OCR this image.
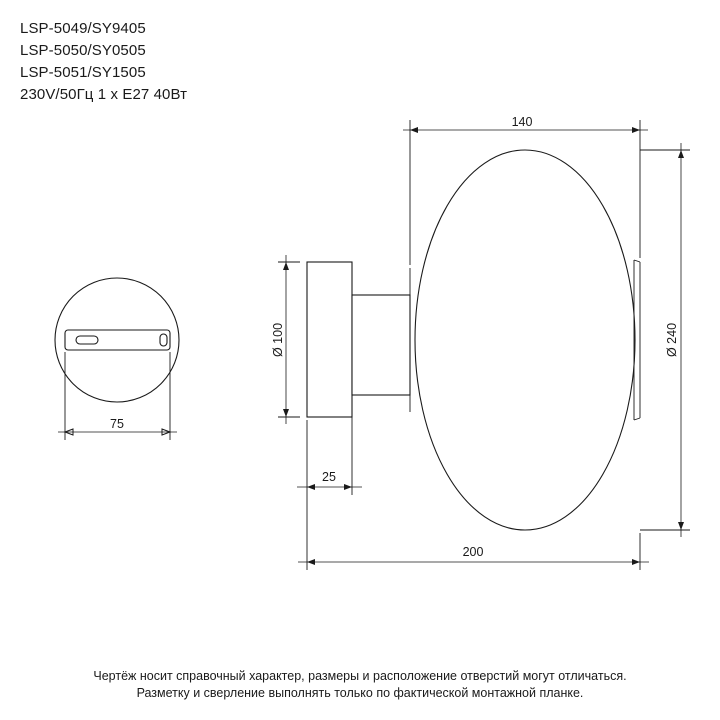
LSP-5049/SY9405
LSP-5050/SY0505
LSP-5051/SY1505
230V/50Гц 1 x E27 40Вт
75
140
Ø 100	Ø 240
25
200
Чертёж носит справочный характер, размеры и расположение отверстий могут отличаться.
Разметку и сверление выполнять только по фактической монтажной планке.
